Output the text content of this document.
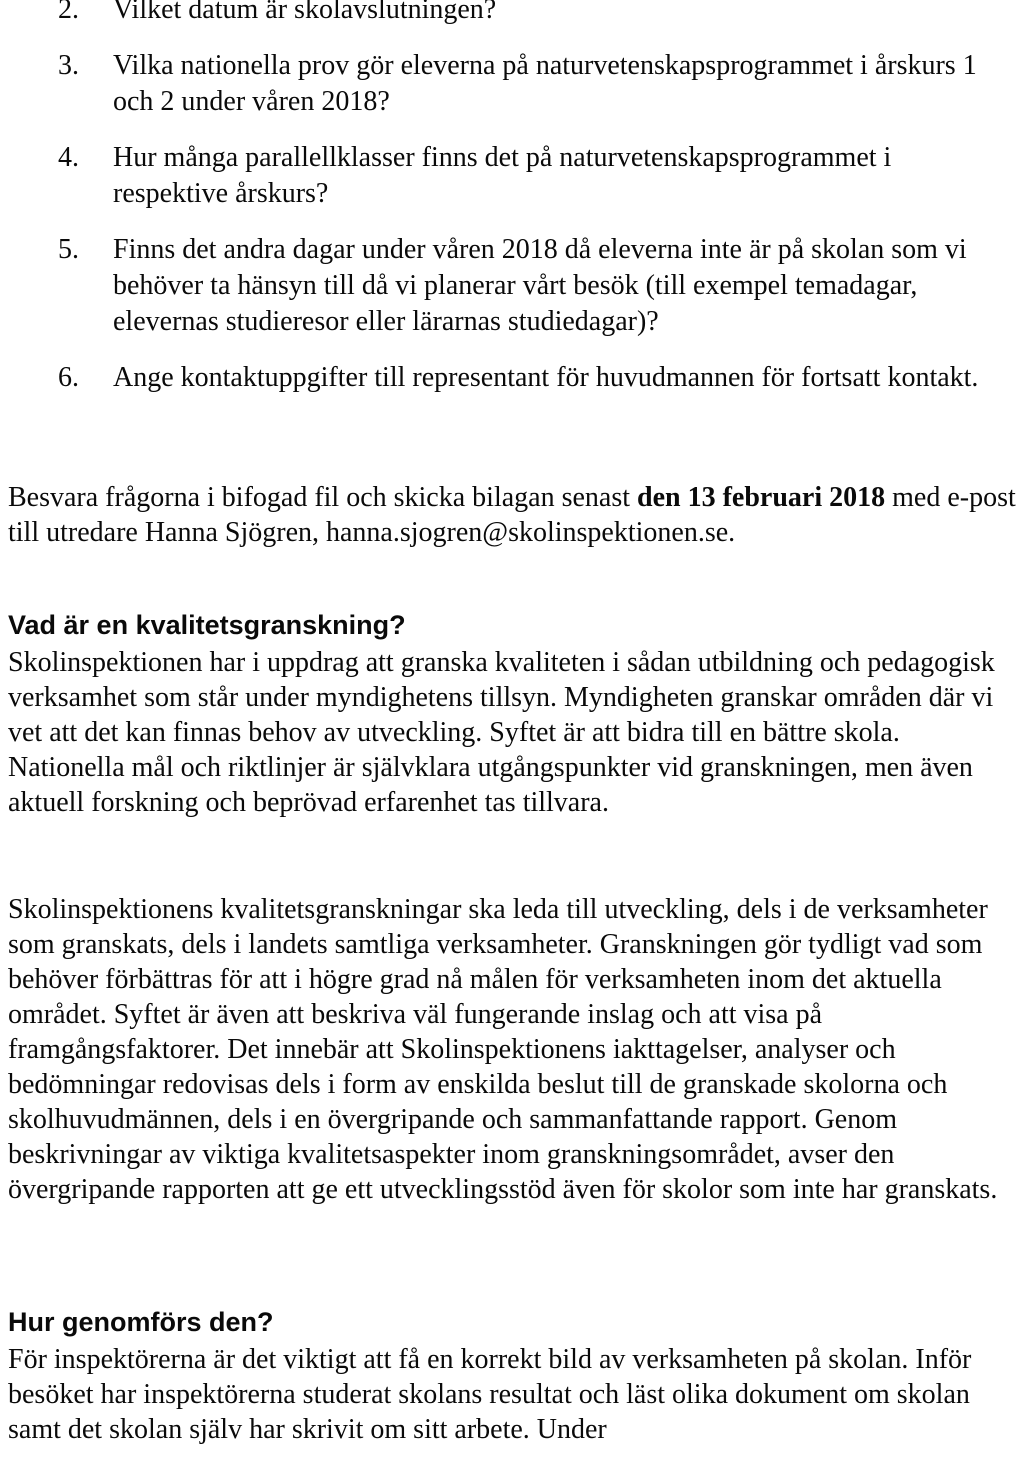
2.	Vilket datum är skolavslutningen?
3.	Vilka nationella prov gör eleverna på naturvetenskapsprogrammet i årskurs 1 och 2 under våren 2018?
4.	Hur många parallellklasser finns det på naturvetenskapsprogrammet i respektive årskurs?
5.	Finns det andra dagar under våren 2018 då eleverna inte är på skolan som vi behöver ta hänsyn till då vi planerar vårt besök (till exempel temadagar, elevernas studieresor eller lärarnas studiedagar)?
6.	Ange kontaktuppgifter till representant för huvudmannen för fortsatt kontakt.

Besvara frågorna i bifogad fil och skicka bilagan senast den 13 februari 2018 med e-post till utredare Hanna Sjögren, hanna.sjogren@skolinspektionen.se.

Vad är en kvalitetsgranskning?

Skolinspektionen har i uppdrag att granska kvaliteten i sådan utbildning och pedagogisk verksamhet som står under myndighetens tillsyn. Myndigheten granskar områden där vi vet att det kan finnas behov av utveckling. Syftet är att bidra till en bättre skola. Nationella mål och riktlinjer är självklara utgångspunkter vid granskningen, men även aktuell forskning och beprövad erfarenhet tas tillvara.

Skolinspektionens kvalitetsgranskningar ska leda till utveckling, dels i de verksamheter som granskats, dels i landets samtliga verksamheter. Granskningen gör tydligt vad som behöver förbättras för att i högre grad nå målen för verksamheten inom det aktuella området. Syftet är även att beskriva väl fungerande inslag och att visa på framgångsfaktorer. Det innebär att Skolinspektionens iakttagelser, analyser och bedömningar redovisas dels i form av enskilda beslut till de granskade skolorna och skolhuvudmännen, dels i en övergripande och sammanfattande rapport. Genom beskrivningar av viktiga kvalitetsaspekter inom granskningsområdet, avser den övergripande rapporten att ge ett utvecklingsstöd även för skolor som inte har granskats.

Hur genomförs den?

För inspektörerna är det viktigt att få en korrekt bild av verksamheten på skolan. Inför besöket har inspektörerna studerat skolans resultat och läst olika dokument om skolan samt det skolan själv har skrivit om sitt arbete. Under
